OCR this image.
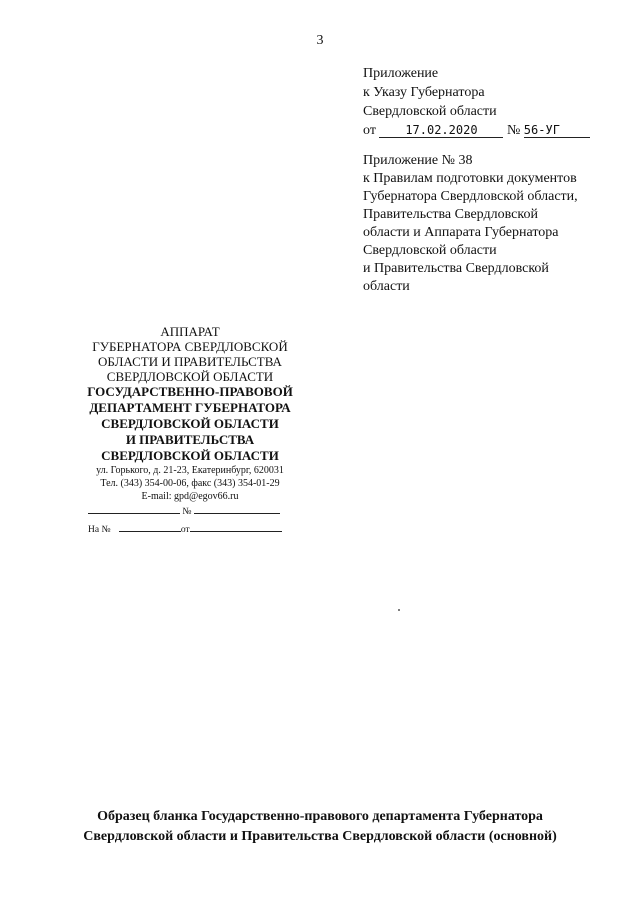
3
Приложение
к Указу Губернатора
Свердловской области
от 17.02.2020 № 56-УГ
Приложение № 38
к Правилам подготовки документов
Губернатора Свердловской области,
Правительства Свердловской
области и Аппарата Губернатора
Свердловской области
и Правительства Свердловской
области
АППАРАТ
ГУБЕРНАТОРА СВЕРДЛОВСКОЙ
ОБЛАСТИ И ПРАВИТЕЛЬСТВА
СВЕРДЛОВСКОЙ ОБЛАСТИ
ГОСУДАРСТВЕННО-ПРАВОВОЙ
ДЕПАРТАМЕНТ ГУБЕРНАТОРА
СВЕРДЛОВСКОЙ ОБЛАСТИ
И ПРАВИТЕЛЬСТВА
СВЕРДЛОВСКОЙ ОБЛАСТИ
ул. Горького, д. 21-23, Екатеринбург, 620031
Тел. (343) 354-00-06, факс (343) 354-01-29
E-mail: gpd@egov66.ru
№
На №	от
Образец бланка Государственно-правового департамента Губернатора
Свердловской области и Правительства Свердловской области (основной)
